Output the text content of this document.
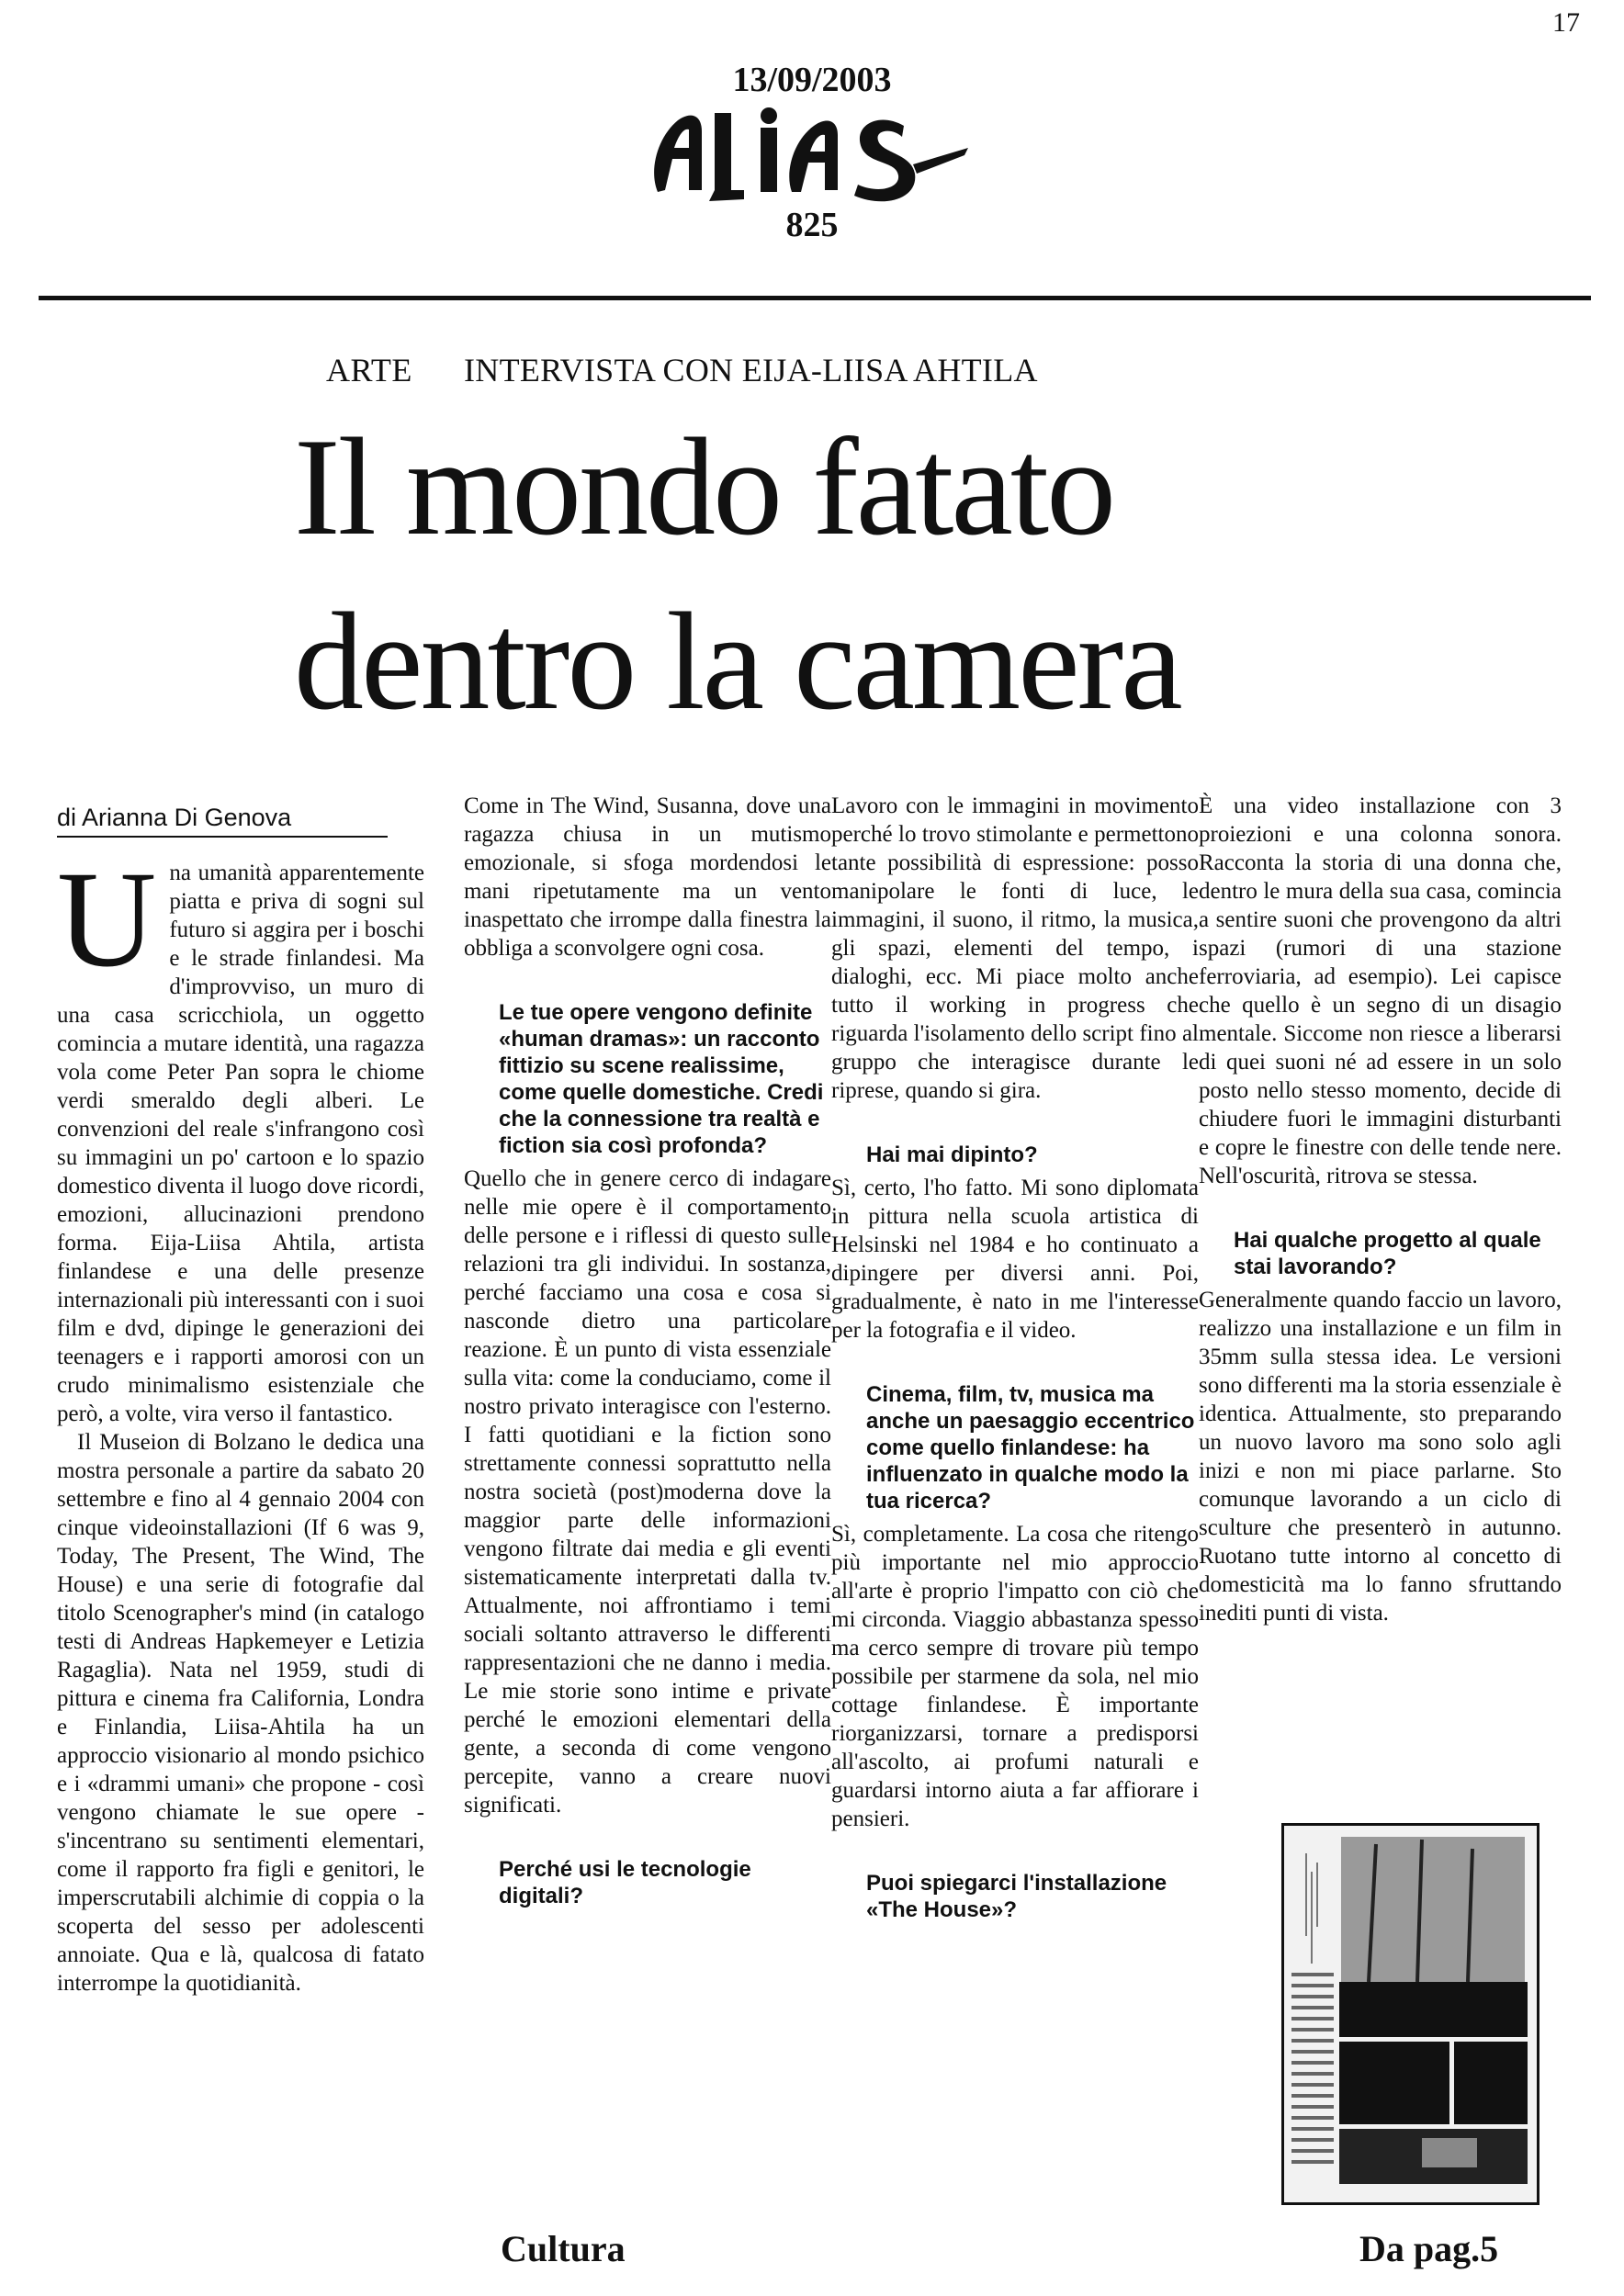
17
13/09/2003
825
ARTE INTERVISTA CON EIJA-LIISA AHTILA
Il mondo fatato
dentro la camera
di Arianna Di Genova

Una umanità apparentemente piatta e priva di sogni sul futuro si aggira per i boschi e le strade finlandesi. Ma d'improvviso, un muro di una casa scricchiola, un oggetto comincia a mutare identità, una ragazza vola come Peter Pan sopra le chiome verdi smeraldo degli alberi. Le convenzioni del reale s'infrangono così su immagini un po' cartoon e lo spazio domestico diventa il luogo dove ricordi, emozioni, allucinazioni prendono forma. Eija-Liisa Ahtila, artista finlandese e una delle presenze internazionali più interessanti con i suoi film e dvd, dipinge le generazioni dei teenagers e i rapporti amorosi con un crudo minimalismo esistenziale che però, a volte, vira verso il fantastico.

Il Museion di Bolzano le dedica una mostra personale a partire da sabato 20 settembre e fino al 4 gennaio 2004 con cinque videoinstallazioni (If 6 was 9, Today, The Present, The Wind, The House) e una serie di fotografie dal titolo Scenographer's mind (in catalogo testi di Andreas Hapkemeyer e Letizia Ragaglia). Nata nel 1959, studi di pittura e cinema fra California, Londra e Finlandia, Liisa-Ahtila ha un approccio visionario al mondo psichico e i «drammi umani» che propone - così vengono chiamate le sue opere - s'incentrano su sentimenti elementari, come il rapporto fra figli e genitori, le imperscrutabili alchimie di coppia o la scoperta del sesso per adolescenti annoiate. Qua e là, qualcosa di fatato interrompe la quotidianità.

Come in The Wind, Susanna, dove una ragazza chiusa in un mutismo emozionale, si sfoga mordendosi le mani ripetutamente ma un vento inaspettato che irrompe dalla finestra la obbliga a sconvolgere ogni cosa.

Le tue opere vengono definite «human dramas»: un racconto fittizio su scene realissime, come quelle domestiche. Credi che la connessione tra realtà e fiction sia così profonda?

Quello che in genere cerco di indagare nelle mie opere è il comportamento delle persone e i riflessi di questo sulle relazioni tra gli individui. In sostanza, perché facciamo una cosa e cosa si nasconde dietro una particolare reazione. È un punto di vista essenziale sulla vita: come la conduciamo, come il nostro privato interagisce con l'esterno. I fatti quotidiani e la fiction sono strettamente connessi soprattutto nella nostra società (post)moderna dove la maggior parte delle informazioni vengono filtrate dai media e gli eventi sistematicamente interpretati dalla tv. Attualmente, noi affrontiamo i temi sociali soltanto attraverso le differenti rappresentazioni che ne danno i media. Le mie storie sono intime e private perché le emozioni elementari della gente, a seconda di come vengono percepite, vanno a creare nuovi significati.

Perché usi le tecnologie digitali?

Lavoro con le immagini in movimento perché lo trovo stimolante e permettono tante possibilità di espressione: posso manipolare le fonti di luce, le immagini, il suono, il ritmo, la musica, gli spazi, elementi del tempo, i dialoghi, ecc. Mi piace molto anche tutto il working in progress che riguarda l'isolamento dello script fino al gruppo che interagisce durante le riprese, quando si gira.

Hai mai dipinto?

Sì, certo, l'ho fatto. Mi sono diplomata in pittura nella scuola artistica di Helsinski nel 1984 e ho continuato a dipingere per diversi anni. Poi, gradualmente, è nato in me l'interesse per la fotografia e il video.

Cinema, film, tv, musica ma anche un paesaggio eccentrico come quello finlandese: ha influenzato in qualche modo la tua ricerca?

Sì, completamente. La cosa che ritengo più importante nel mio approccio all'arte è proprio l'impatto con ciò che mi circonda. Viaggio abbastanza spesso ma cerco sempre di trovare più tempo possibile per starmene da sola, nel mio cottage finlandese. È importante riorganizzarsi, tornare a predisporsi all'ascolto, ai profumi naturali e guardarsi intorno aiuta a far affiorare i pensieri.

Puoi spiegarci l'installazione «The House»?

È una video installazione con 3 proiezioni e una colonna sonora. Racconta la storia di una donna che, dentro le mura della sua casa, comincia a sentire suoni che provengono da altri spazi (rumori di una stazione ferroviaria, ad esempio). Lei capisce che quello è un segno di un disagio mentale. Siccome non riesce a liberarsi di quei suoni né ad essere in un solo posto nello stesso momento, decide di chiudere fuori le immagini disturbanti e copre le finestre con delle tende nere. Nell'oscurità, ritrova se stessa.

Hai qualche progetto al quale stai lavorando?

Generalmente quando faccio un lavoro, realizzo una installazione e un film in 35mm sulla stessa idea. Le versioni sono differenti ma la storia essenziale è identica. Attualmente, sto preparando un nuovo lavoro ma sono solo agli inizi e non mi piace parlarne. Sto comunque lavorando a un ciclo di sculture che presenterò in autunno. Ruotano tutte intorno al concetto di domesticità ma lo fanno sfruttando inediti punti di vista.

Cultura	Da pag.5
